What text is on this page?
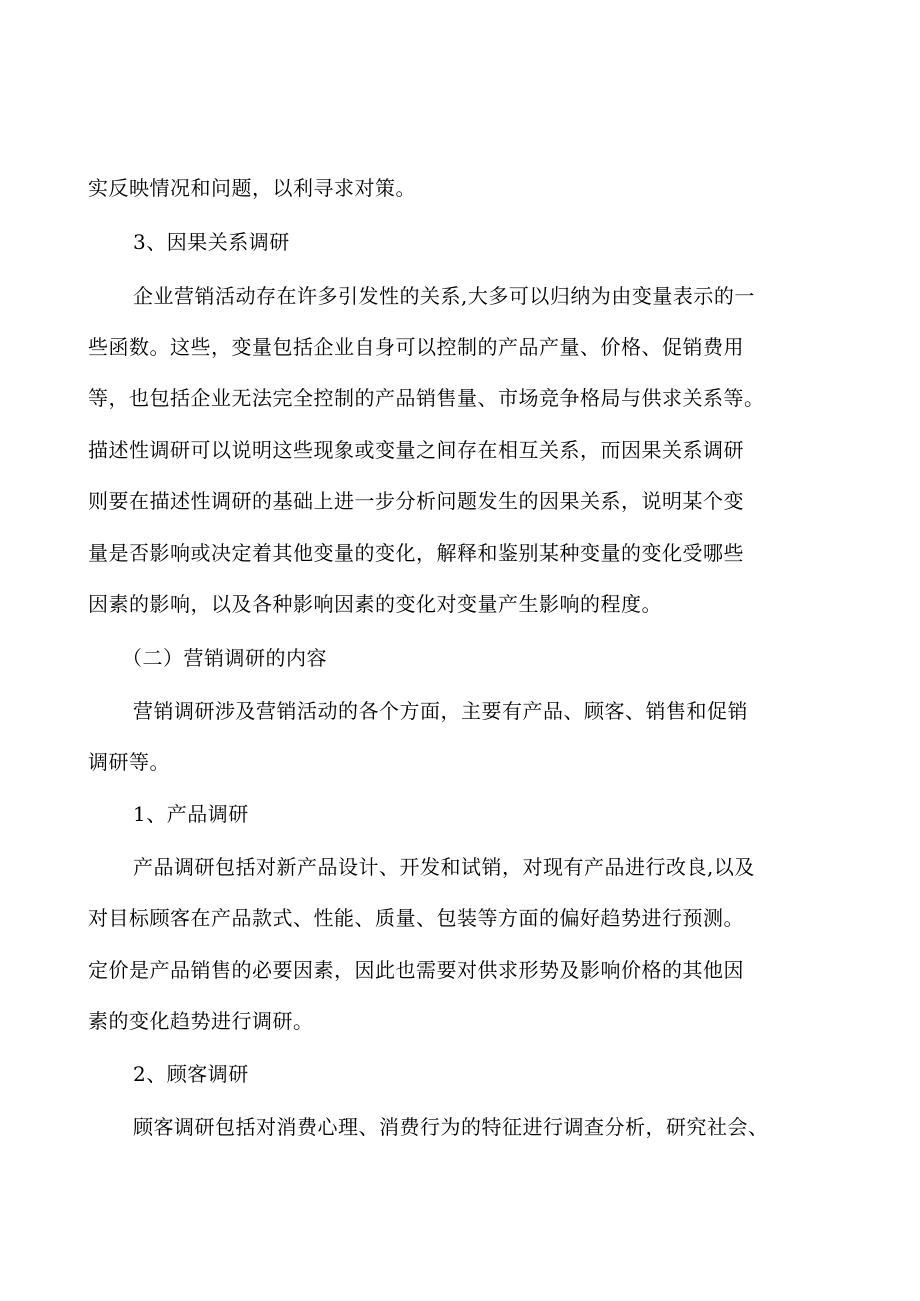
实反映情况和问题，以利寻求对策。
3、因果关系调研
企业营销活动存在许多引发性的关系,大多可以归纳为由变量表示的一
些函数。这些，变量包括企业自身可以控制的产品产量、价格、促销费用
等，也包括企业无法完全控制的产品销售量、市场竞争格局与供求关系等。
描述性调研可以说明这些现象或变量之间存在相互关系，而因果关系调研
则要在描述性调研的基础上进一步分析问题发生的因果关系，说明某个变
量是否影响或决定着其他变量的变化，解释和鉴别某种变量的变化受哪些
因素的影响，以及各种影响因素的变化对变量产生影响的程度。
（二）营销调研的内容
营销调研涉及营销活动的各个方面，主要有产品、顾客、销售和促销
调研等。
1、产品调研
产品调研包括对新产品设计、开发和试销，对现有产品进行改良,以及
对目标顾客在产品款式、性能、质量、包装等方面的偏好趋势进行预测。
定价是产品销售的必要因素，因此也需要对供求形势及影响价格的其他因
素的变化趋势进行调研。
2、顾客调研
顾客调研包括对消费心理、消费行为的特征进行调查分析，研究社会、
